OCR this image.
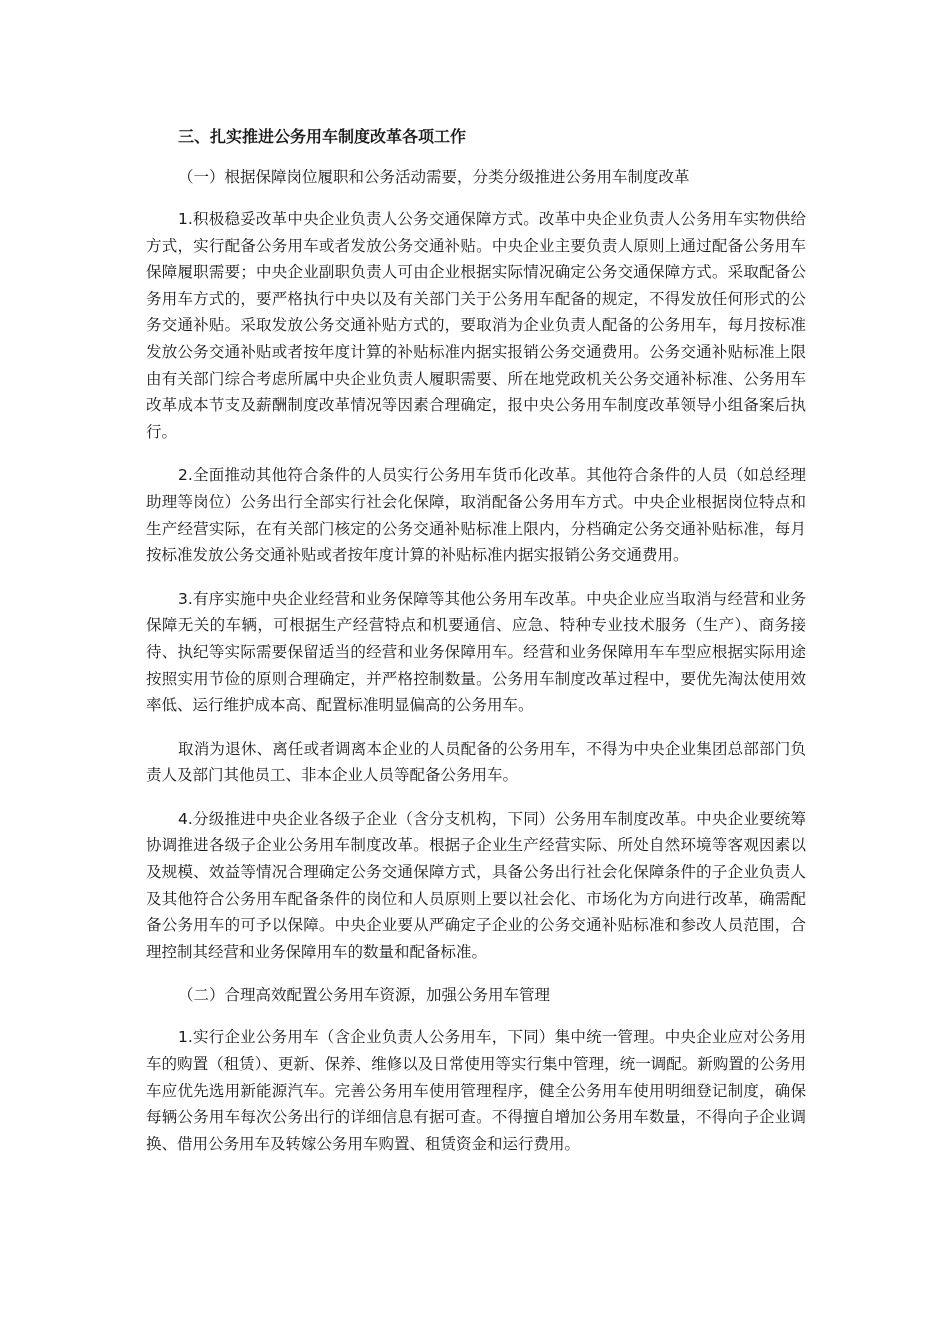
三、扎实推进公务用车制度改革各项工作

（一）根据保障岗位履职和公务活动需要，分类分级推进公务用车制度改革

1.积极稳妥改革中央企业负责人公务交通保障方式。改革中央企业负责人公务用车实物供给方式，实行配备公务用车或者发放公务交通补贴。中央企业主要负责人原则上通过配备公务用车保障履职需要；中央企业副职负责人可由企业根据实际情况确定公务交通保障方式。采取配备公务用车方式的，要严格执行中央以及有关部门关于公务用车配备的规定，不得发放任何形式的公务交通补贴。采取发放公务交通补贴方式的，要取消为企业负责人配备的公务用车，每月按标准发放公务交通补贴或者按年度计算的补贴标准内据实报销公务交通费用。公务交通补贴标准上限由有关部门综合考虑所属中央企业负责人履职需要、所在地党政机关公务交通补标准、公务用车改革成本节支及薪酬制度改革情况等因素合理确定，报中央公务用车制度改革领导小组备案后执行。

2.全面推动其他符合条件的人员实行公务用车货币化改革。其他符合条件的人员（如总经理助理等岗位）公务出行全部实行社会化保障，取消配备公务用车方式。中央企业根据岗位特点和生产经营实际，在有关部门核定的公务交通补贴标准上限内，分档确定公务交通补贴标准，每月按标准发放公务交通补贴或者按年度计算的补贴标准内据实报销公务交通费用。

3.有序实施中央企业经营和业务保障等其他公务用车改革。中央企业应当取消与经营和业务保障无关的车辆，可根据生产经营特点和机要通信、应急、特种专业技术服务（生产）、商务接待、执纪等实际需要保留适当的经营和业务保障用车。经营和业务保障用车车型应根据实际用途按照实用节俭的原则合理确定，并严格控制数量。公务用车制度改革过程中，要优先淘汰使用效率低、运行维护成本高、配置标准明显偏高的公务用车。

取消为退休、离任或者调离本企业的人员配备的公务用车，不得为中央企业集团总部部门负责人及部门其他员工、非本企业人员等配备公务用车。

4.分级推进中央企业各级子企业（含分支机构，下同）公务用车制度改革。中央企业要统筹协调推进各级子企业公务用车制度改革。根据子企业生产经营实际、所处自然环境等客观因素以及规模、效益等情况合理确定公务交通保障方式，具备公务出行社会化保障条件的子企业负责人及其他符合公务用车配备条件的岗位和人员原则上要以社会化、市场化为方向进行改革，确需配备公务用车的可予以保障。中央企业要从严确定子企业的公务交通补贴标准和参改人员范围，合理控制其经营和业务保障用车的数量和配备标准。

（二）合理高效配置公务用车资源，加强公务用车管理

1.实行企业公务用车（含企业负责人公务用车，下同）集中统一管理。中央企业应对公务用车的购置（租赁）、更新、保养、维修以及日常使用等实行集中管理，统一调配。新购置的公务用车应优先选用新能源汽车。完善公务用车使用管理程序，健全公务用车使用明细登记制度，确保每辆公务用车每次公务出行的详细信息有据可查。不得擅自增加公务用车数量，不得向子企业调换、借用公务用车及转嫁公务用车购置、租赁资金和运行费用。
